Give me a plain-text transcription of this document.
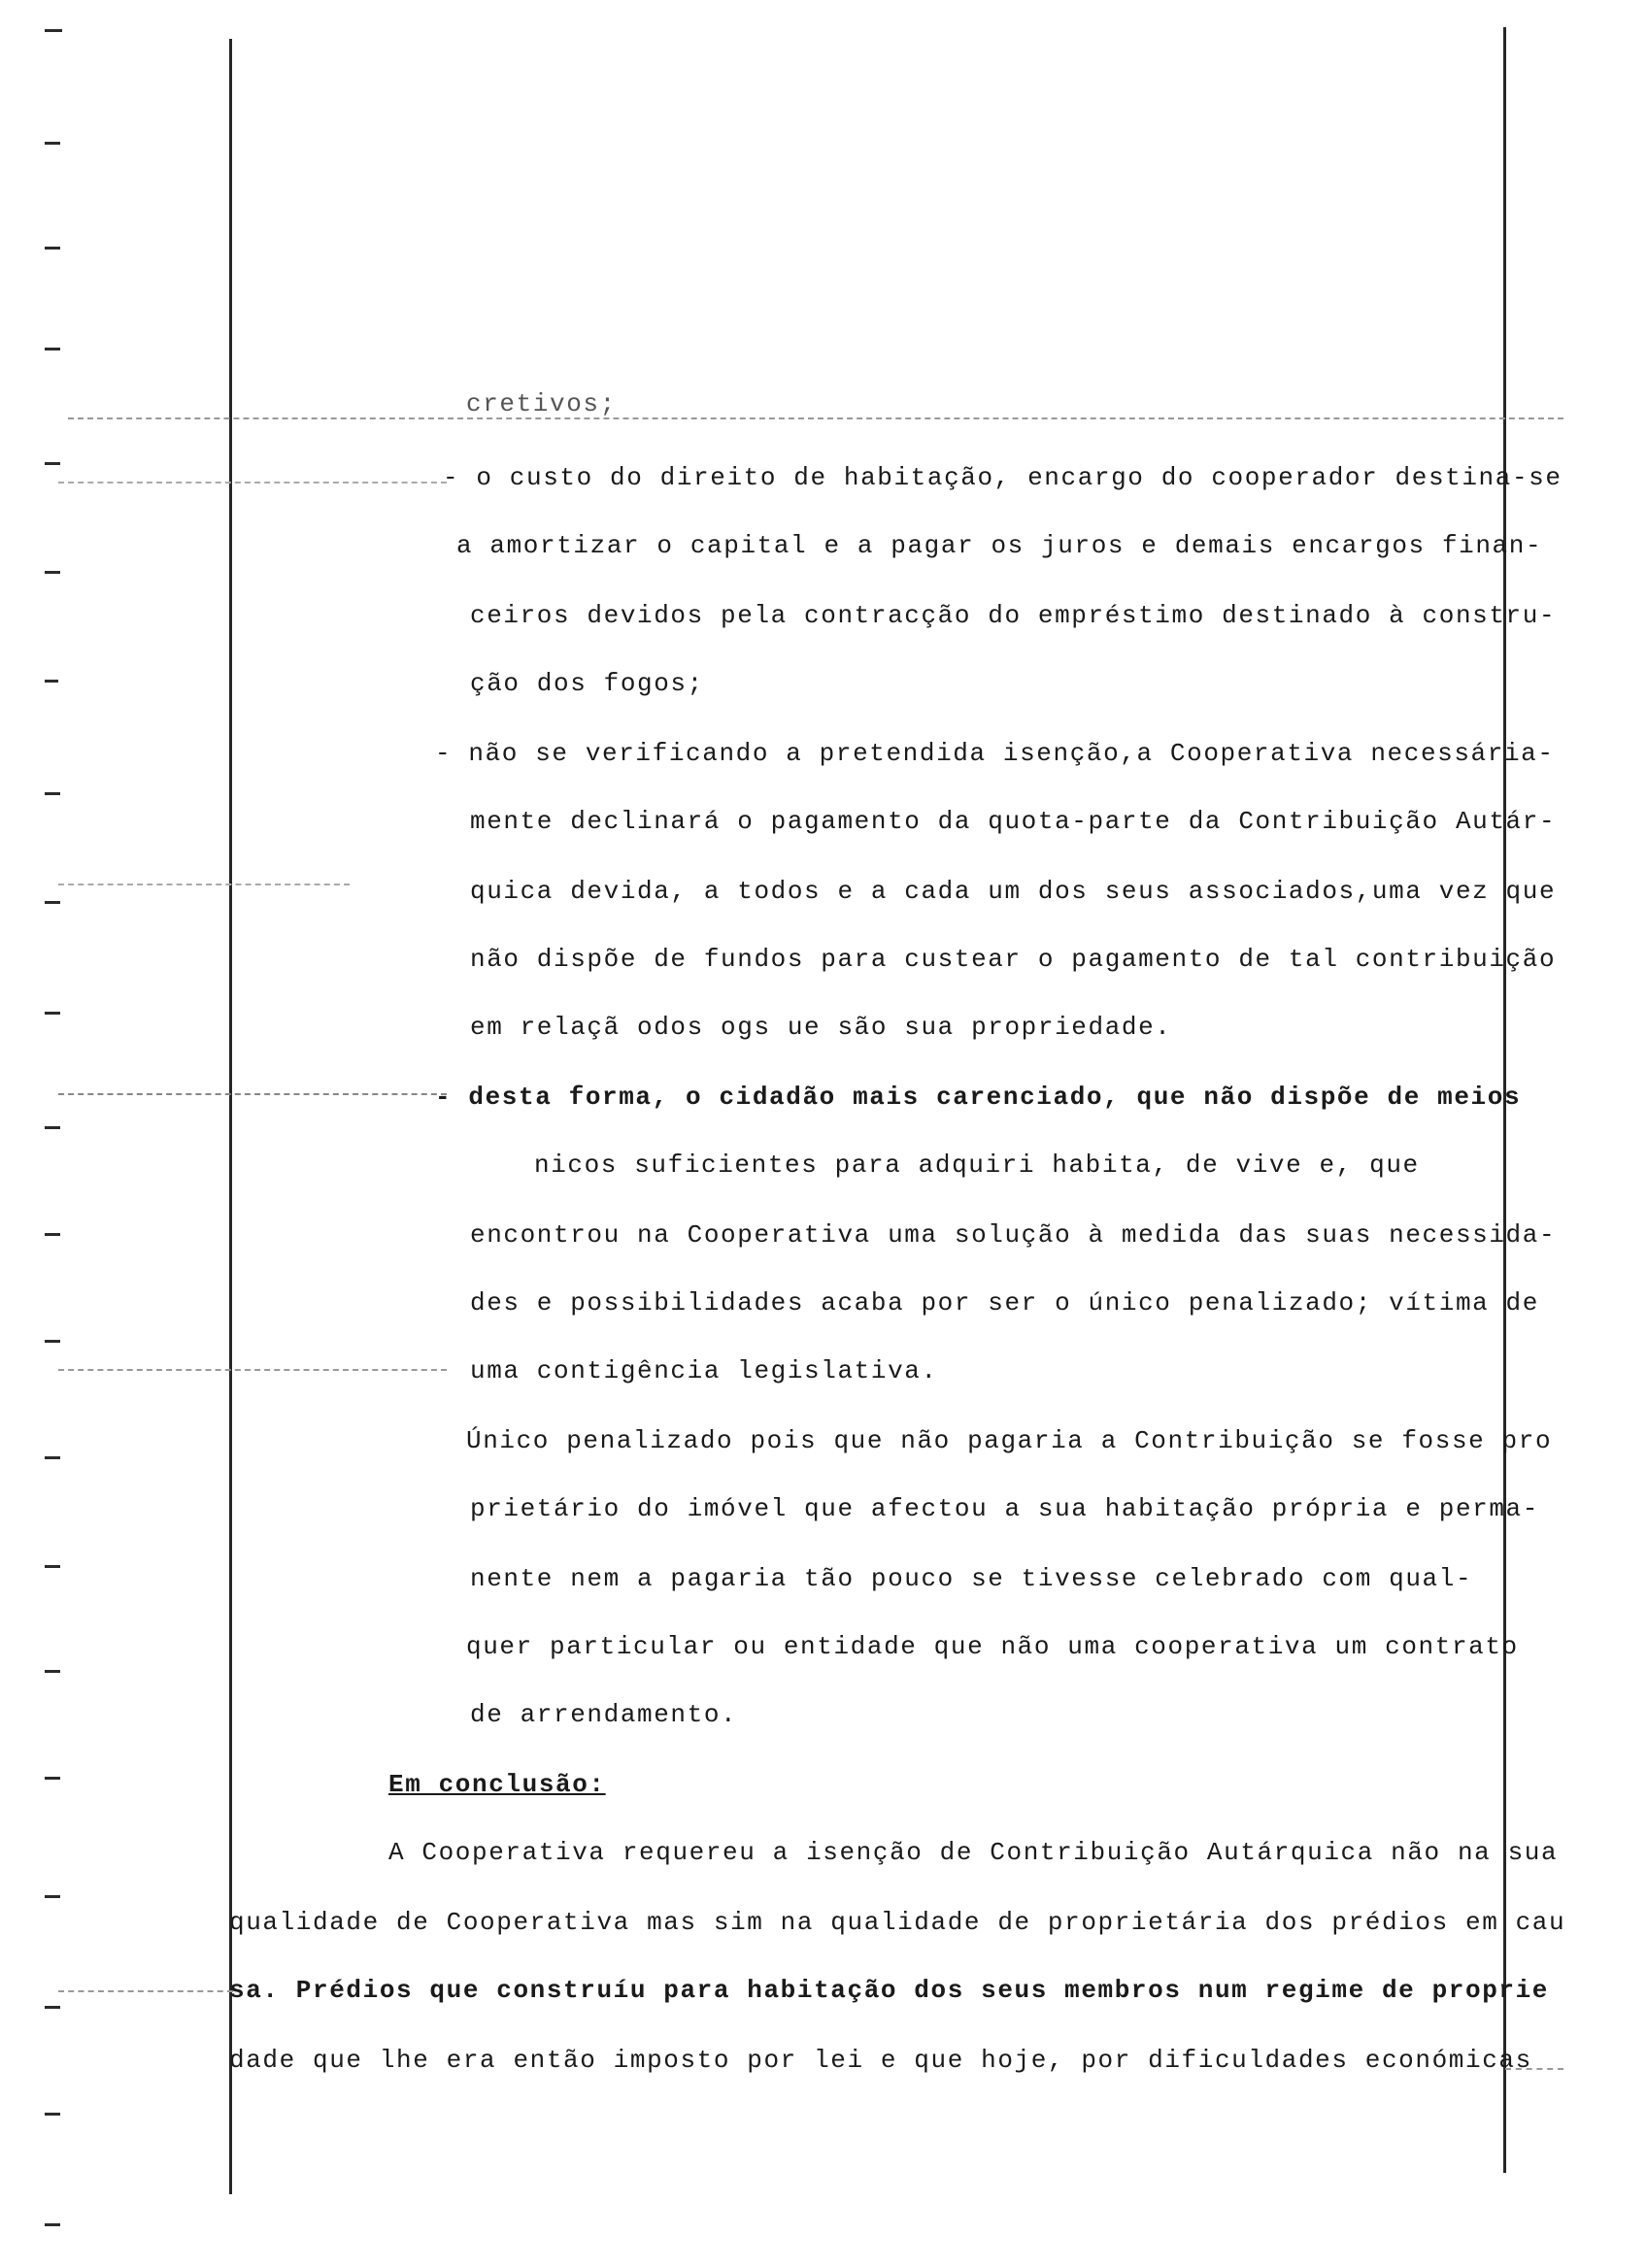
cretivos;
- o custo do direito de habitação, encargo do cooperador destina-se
a amortizar o capital e a pagar os juros e demais encargos finan-
ceiros devidos pela contracção do empréstimo destinado à constru-
ção dos fogos;
- não se verificando a pretendida isenção,a Cooperativa necessária-
mente declinará o pagamento da quota-parte da Contribuição Autár-
quica devida, a todos e a cada um dos seus associados,uma vez que
não dispõe de fundos para custear o pagamento de tal contribuição
em relaçã odos ogs ue são sua propriedade.
- desta forma, o cidadão mais carenciado, que não dispõe de meios
nicos suficientes para adquiri habita, de vive e, que
encontrou na Cooperativa uma solução à medida das suas necessida-
des e possibilidades acaba por ser o único penalizado; vítima de
uma contigência legislativa.
Único penalizado pois que não pagaria a Contribuição se fosse pro
prietário do imóvel que afectou a sua habitação própria e perma-
nente nem a pagaria tão pouco se tivesse celebrado com qual-
quer particular ou entidade que não uma cooperativa um contrato
de arrendamento.
Em conclusão:
A Cooperativa requereu a isenção de Contribuição Autárquica não na sua
qualidade de Cooperativa mas sim na qualidade de proprietária dos prédios em cau
sa. Prédios que construíu para habitação dos seus membros num regime de proprie
dade que lhe era então imposto por lei e que hoje, por dificuldades económicas
